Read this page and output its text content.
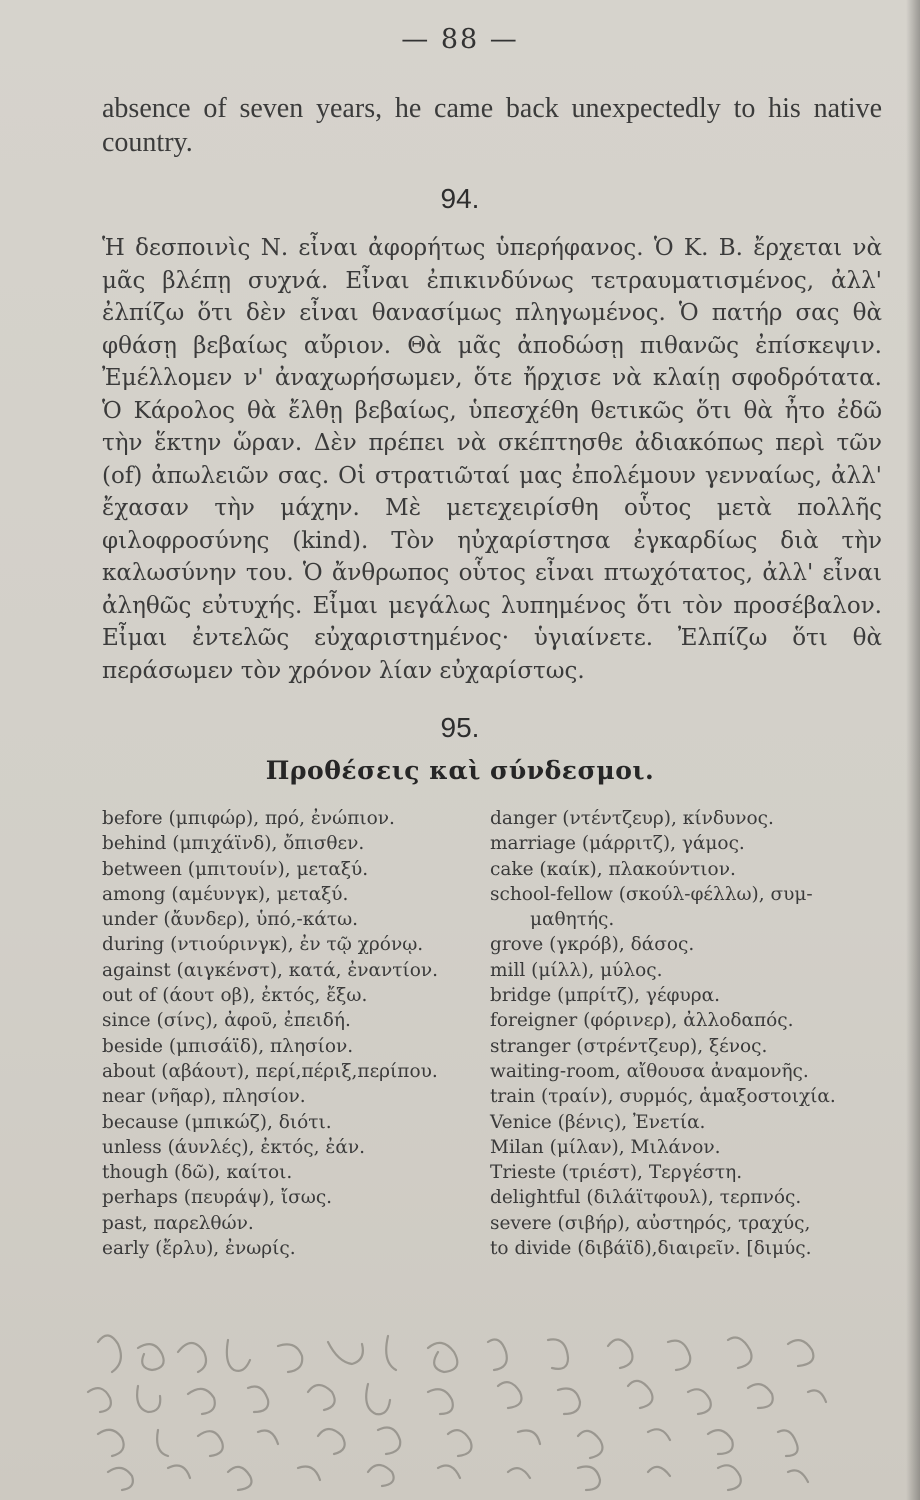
— 88 —

absence of seven years, he came back unexpectedly to his native country.

94.

Ἡ δεσποινὶς Ν. εἶναι ἀφορήτως ὑπερήφανος. Ὁ Κ. Β. ἔρχεται νὰ μᾶς βλέπῃ συχνά. Εἶναι ἐπικινδύνως τετραυματισμένος, ἀλλ' ἐλπίζω ὅτι δὲν εἶναι θανασίμως πληγωμένος. Ὁ πατήρ σας θὰ φθάσῃ βεβαίως αὔριον. Θὰ μᾶς ἀποδώσῃ πιθανῶς ἐπίσκεψιν. Ἐμέλλομεν ν' ἀναχωρήσωμεν, ὅτε ἤρχισε νὰ κλαίῃ σφοδρότατα. Ὁ Κάρολος θὰ ἔλθῃ βεβαίως, ὑπεσχέθη θετικῶς ὅτι θὰ ἦτο ἐδῶ τὴν ἕκτην ὥραν. Δὲν πρέπει νὰ σκέπτησθε ἀδιακόπως περὶ τῶν (of) ἀπωλειῶν σας. Οἱ στρατιῶταί μας ἐπολέμουν γενναίως, ἀλλ' ἔχασαν τὴν μάχην. Μὲ μετεχειρίσθη οὗτος μετὰ πολλῆς φιλοφροσύνης (kind). Τὸν ηὐχαρίστησα ἐγκαρδίως διὰ τὴν καλωσύνην του. Ὁ ἄνθρωπος οὗτος εἶναι πτωχότατος, ἀλλ' εἶναι ἀληθῶς εὐτυχής. Εἶμαι μεγάλως λυπημένος ὅτι τὸν προσέβαλον. Εἶμαι ἐντελῶς εὐχαριστημένος· ὑγιαίνετε. Ἐλπίζω ὅτι θὰ περάσωμεν τὸν χρόνον λίαν εὐχαρίστως.

95.
Προθέσεις καὶ σύνδεσμοι.
before (μπιφώρ), πρό, ἐνώπιον.
behind (μπιχάϊνδ), ὄπισθεν.
between (μπιτουίν), μεταξύ.
among (αμέυνγκ), μεταξύ.
under (ἄυνδερ), ὑπό,-κάτω.
during (ντιούρινγκ), ἐν τῷ χρόνῳ.
against (αιγκένστ), κατά, ἐναντίον.
out of (άουτ οβ), ἐκτός, ἔξω.
since (σίνς), ἀφοῦ, ἐπειδή.
beside (μπισάϊδ), πλησίον.
about (αβάουτ), περί,πέριξ,περίπου.
near (νῆαρ), πλησίον.
because (μπικώζ), διότι.
unless (άυνλές), ἐκτός, ἐάν.
though (δῶ), καίτοι.
perhaps (πευράψ), ἴσως.
past, παρελθών.
early (ἔρλυ), ἐνωρίς.
danger (ντέντζευρ), κίνδυνος.
marriage (μάρριτζ), γάμος.
cake (καίκ), πλακούντιον.
school-fellow (σκούλ-φέλλω), συμ-
μαθητής.
grove (γκρόβ), δάσος.
mill (μίλλ), μύλος.
bridge (μπρίτζ), γέφυρα.
foreigner (φόρινερ), ἀλλοδαπός.
stranger (στρέντζευρ), ξένος.
waiting-room, αἴθουσα ἀναμονῆς.
train (τραίν), συρμός, ἁμαξοστοιχία.
Venice (βένις), Ἐνετία.
Milan (μίλαν), Μιλάνον.
Trieste (τριέστ), Τεργέστη.
delightful (διλάϊτφουλ), τερπνός.
severe (σιβήρ), αὐστηρός, τραχύς,
to divide (διβάϊδ),διαιρεῖν. [διμύς.
